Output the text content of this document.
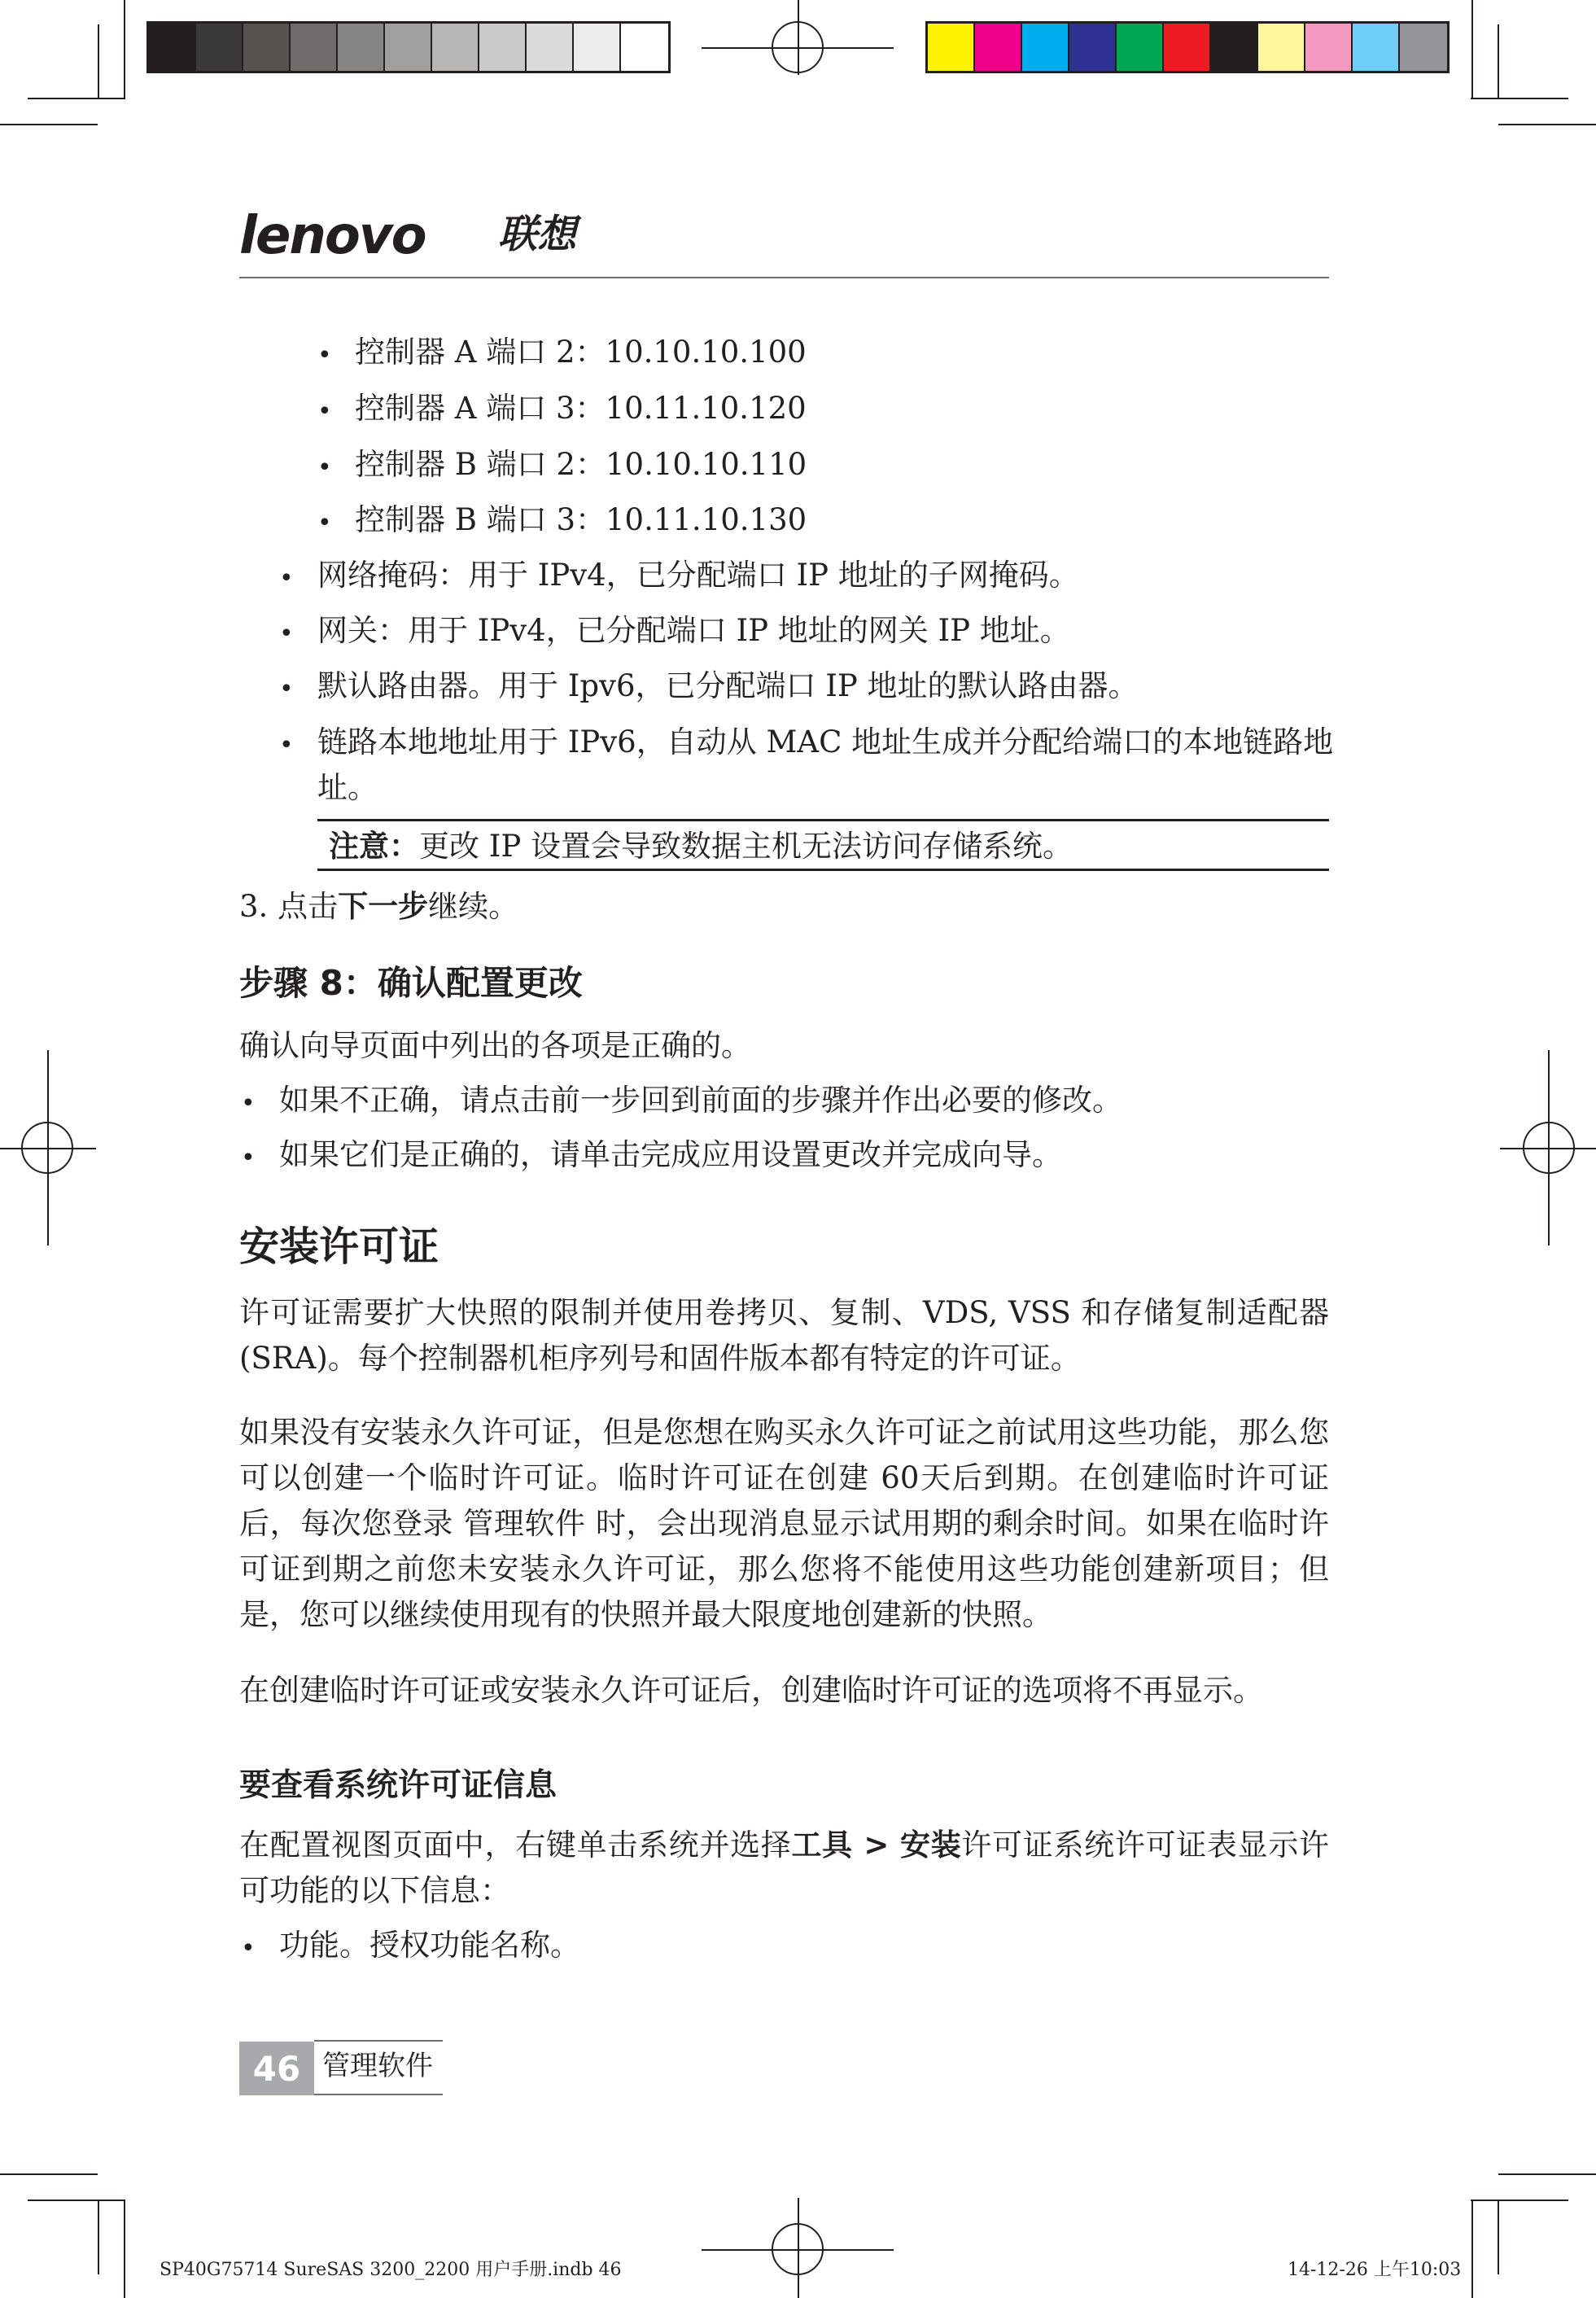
lenovo 联想
• 控制器 A 端口 2：10.10.10.100
• 控制器 A 端口 3：10.11.10.120
• 控制器 B 端口 2：10.10.10.110
• 控制器 B 端口 3：10.11.10.130
• 网络掩码：用于 IPv4，已分配端口 IP 地址的子网掩码。
• 网关：用于 IPv4，已分配端口 IP 地址的网关 IP 地址。
• 默认路由器。用于 Ipv6，已分配端口 IP 地址的默认路由器。
• 链路本地地址用于 IPv6，自动从 MAC 地址生成并分配给端口的本地链路地
址。
注意：更改 IP 设置会导致数据主机无法访问存储系统。
3. 点击下一步继续。
步骤 8：确认配置更改
确认向导页面中列出的各项是正确的。
• 如果不正确，请点击前一步回到前面的步骤并作出必要的修改。
• 如果它们是正确的，请单击完成应用设置更改并完成向导。
安装许可证
许可证需要扩大快照的限制并使用卷拷贝、复制、VDS, VSS 和存储复制适配器 (SRA)。每个控制器机柜序列号和固件版本都有特定的许可证。
如果没有安装永久许可证，但是您想在购买永久许可证之前试用这些功能，那么您可以创建一个临时许可证。临时许可证在创建 60天后到期。在创建临时许可证后，每次您登录 管理软件 时，会出现消息显示试用期的剩余时间。如果在临时许可证到期之前您未安装永久许可证，那么您将不能使用这些功能创建新项目；但是，您可以继续使用现有的快照并最大限度地创建新的快照。
在创建临时许可证或安装永久许可证后，创建临时许可证的选项将不再显示。
要查看系统许可证信息
在配置视图页面中，右键单击系统并选择工具 > 安装许可证系统许可证表显示许可功能的以下信息：
• 功能。授权功能名称。
46 管理软件
SP40G75714 SureSAS 3200_2200 用户手册.indb 46	14-12-26 上午10:03
